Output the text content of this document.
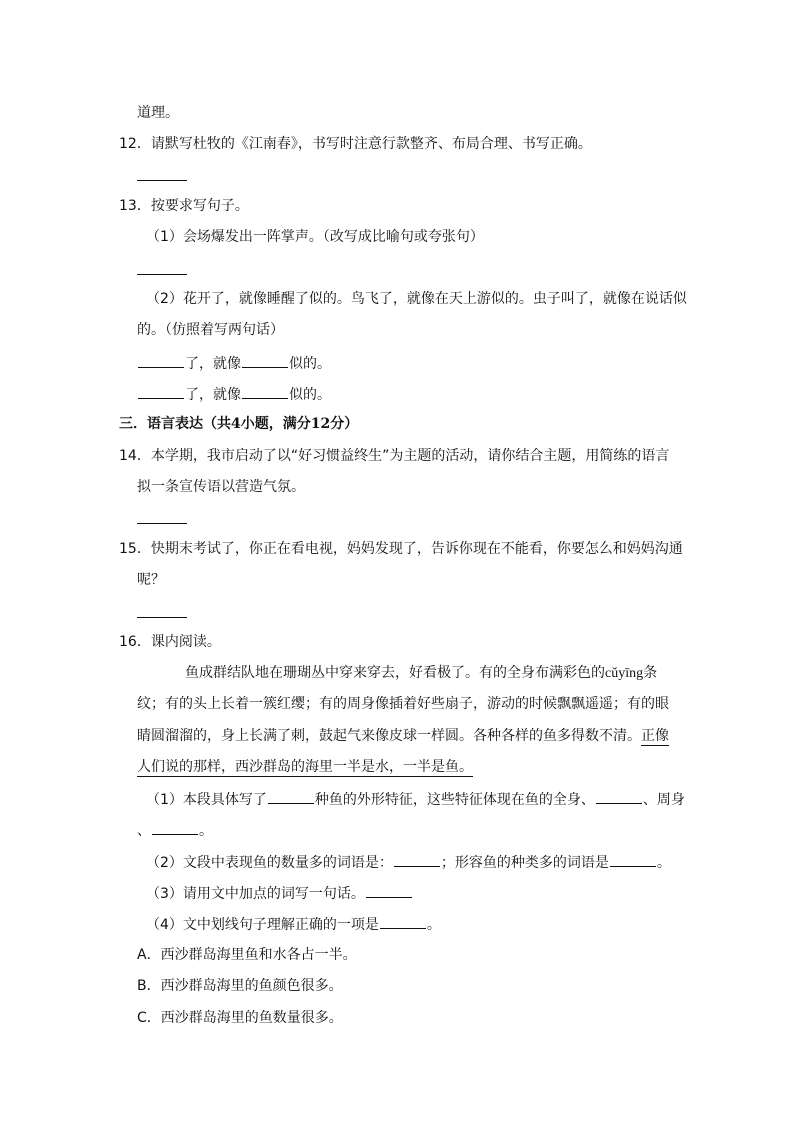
道理。
12．请默写杜牧的《江南春》，书写时注意行款整齐、布局合理、书写正确。
13．按要求写句子。
（1）会场爆发出一阵掌声。（改写成比喻句或夸张句）
（2）花开了，就像睡醒了似的。鸟飞了，就像在天上游似的。虫子叫了，就像在说话似
的。（仿照着写两句话）
了，就像	似的。
了，就像	似的。
三．语言表达（共4小题，满分12分）
14．本学期，我市启动了以“好习惯益终生”为主题的活动，请你结合主题，用简练的语言
拟一条宣传语以营造气氛。
15．快期末考试了，你正在看电视，妈妈发现了，告诉你现在不能看，你要怎么和妈妈沟通
呢？
16．课内阅读。
鱼成群结队地在珊瑚丛中穿来穿去，好看极了。有的全身布满彩色的cǔyīng条
纹；有的头上长着一簇红缨；有的周身像插着好些扇子，游动的时候飘飘遥遥；有的眼
睛圆溜溜的，身上长满了刺，鼓起气来像皮球一样圆。各种各样的鱼多得数不清。正像
人们说的那样，西沙群岛的海里一半是水，一半是鱼。
（1）本段具体写了	种鱼的外形特征，这些特征体现在鱼的全身、	、周身
、	。
（2）文段中表现鱼的数量多的词语是：	；形容鱼的种类多的词语是	。
（3）请用文中加点的词写一句话。
（4）文中划线句子理解正确的一项是	。
A．西沙群岛海里鱼和水各占一半。
B．西沙群岛海里的鱼颜色很多。
C．西沙群岛海里的鱼数量很多。
